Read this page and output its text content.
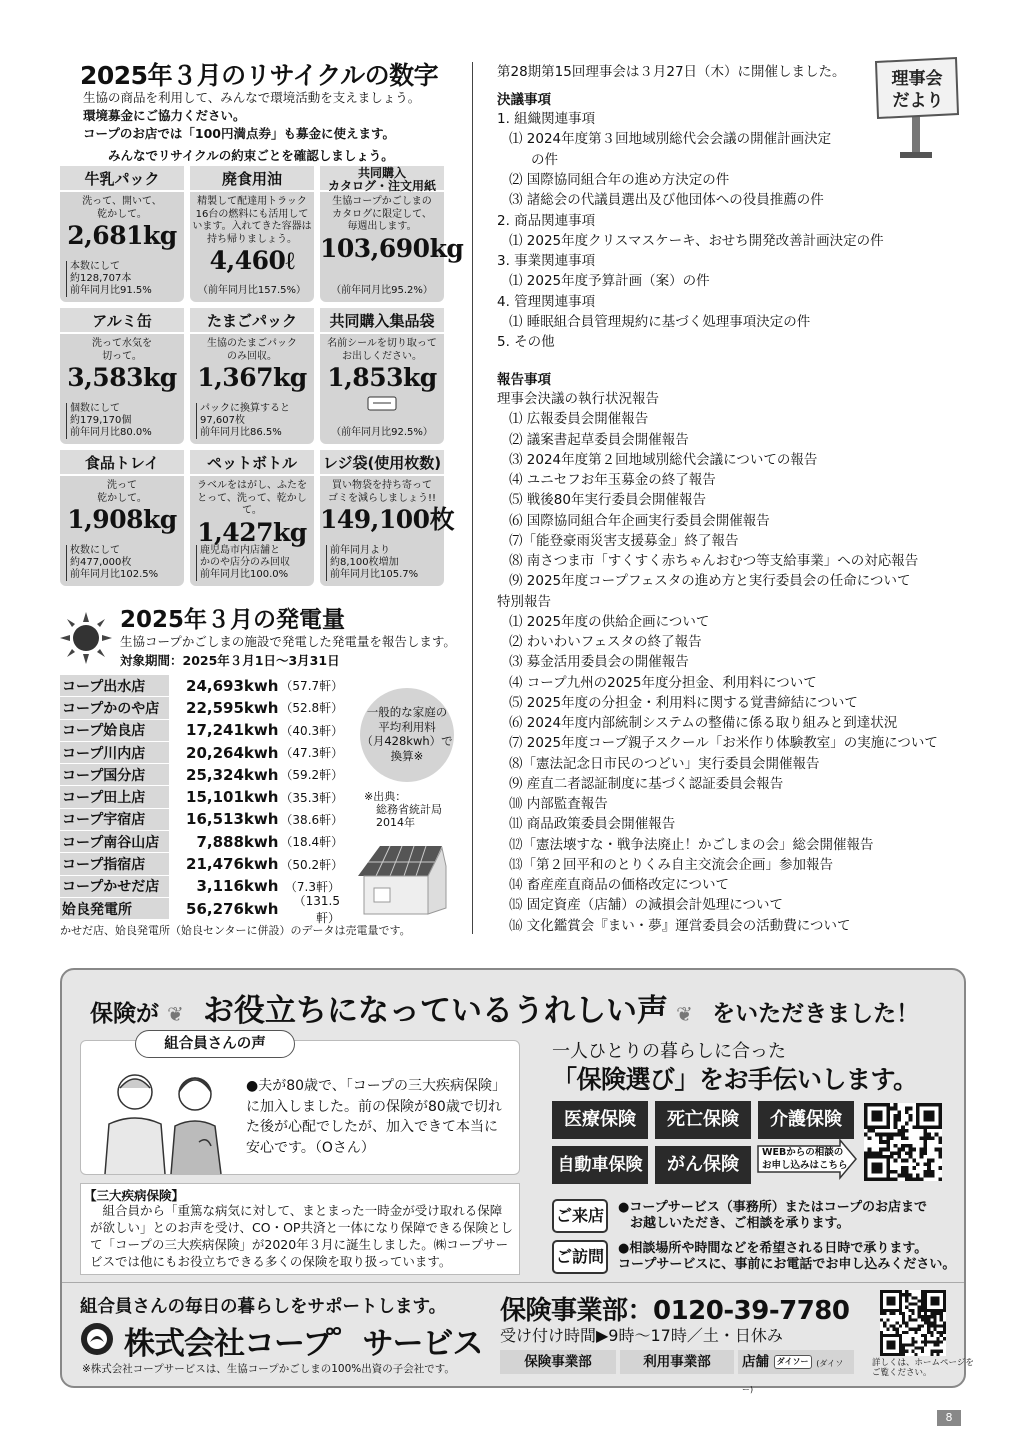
2025年３月のリサイクルの数字
生協の商品を利用して、みんなで環境活動を支えましょう。
環境募金にご協力ください。
コープのお店では「100円満点券」も募金に使えます。
みんなでリサイクルの約束ごとを確認しましょう。
牛乳パック
洗って、開いて、
乾かして。
2,681kg
本数にして
約128,707本
前年同月比91.5%
廃食用油
精製して配達用トラック
16台の燃料にも活用して
います。入れてきた容器は
持ち帰りましょう。
4,460ℓ
（前年同月比157.5%）
共同購入
カタログ・注文用紙
生協コープかごしまの
カタログに限定して、
毎週出します。
103,690kg
（前年同月比95.2%）
アルミ缶
洗って水気を
切って。
3,583kg
個数にして
約179,170個
前年同月比80.0%
たまごパック
生協のたまごパック
のみ回収。
1,367kg
パックに換算すると
97,607枚
前年同月比86.5%
共同購入集品袋
名前シールを切り取って
お出しください。
1,853kg
（前年同月比92.5%）
食品トレイ
洗って
乾かして。
1,908kg
枚数にして
約477,000枚
前年同月比102.5%
ペットボトル
ラベルをはがし、ふたを
とって、洗って、乾かして。
1,427kg
鹿児島市内店舗と
かのや店分のみ回収
前年同月比100.0%
レジ袋(使用枚数)
買い物袋を持ち寄って
ゴミを減らしましょう!!
149,100枚
前年同月より
約8,100枚増加
前年同月比105.7%
2025年３月の発電量
生協コープかごしまの施設で発電した発電量を報告します。
対象期間：2025年３月1日～3月31日
コープ出水店	24,693kwh （57.7軒）
コープかのや店	22,595kwh （52.8軒）
コープ姶良店	17,241kwh （40.3軒）
コープ川内店	20,264kwh （47.3軒）
コープ国分店	25,324kwh （59.2軒）
コープ田上店	15,101kwh （35.3軒）
コープ宇宿店	16,513kwh （38.6軒）
コープ南谷山店	7,888kwh （18.4軒）
コープ指宿店	21,476kwh （50.2軒）
コープかせだ店	3,116kwh （7.3軒）
姶良発電所	56,276kwh	（131.5軒）
一般的な家庭の
平均利用料
（月428kwh）で
換算※
※出典：
総務省統計局
2014年
かせだ店、姶良発電所（姶良センターに併設）のデータは売電量です。
第28期第15回理事会は３月27日（木）に開催しました。	理事会
だより
決議事項
1. 組織関連事項
⑴ 2024年度第３回地域別総代会会議の開催計画決定
の件
⑵ 国際協同組合年の進め方決定の件
⑶ 諸総会の代議員選出及び他団体への役員推薦の件
2. 商品関連事項
⑴ 2025年度クリスマスケーキ、おせち開発改善計画決定の件
3. 事業関連事項
⑴ 2025年度予算計画（案）の件
4. 管理関連事項
⑴ 睡眠組合員管理規約に基づく処理事項決定の件
5. その他
報告事項
理事会決議の執行状況報告
⑴ 広報委員会開催報告
⑵ 議案書起草委員会開催報告
⑶ 2024年度第２回地域別総代会議についての報告
⑷ ユニセフお年玉募金の終了報告
⑸ 戦後80年実行委員会開催報告
⑹ 国際協同組合年企画実行委員会開催報告
⑺「能登豪雨災害支援募金」終了報告
⑻ 南さつま市「すくすく赤ちゃんおむつ等支給事業」への対応報告
⑼ 2025年度コープフェスタの進め方と実行委員会の任命について
特別報告
⑴ 2025年度の供給企画について
⑵ わいわいフェスタの終了報告
⑶ 募金活用委員会の開催報告
⑷ コープ九州の2025年度分担金、利用料について
⑸ 2025年度の分担金・利用料に関する覚書締結について
⑹ 2024年度内部統制システムの整備に係る取り組みと到達状況
⑺ 2025年度コープ親子スクール「お米作り体験教室」の実施について
⑻「憲法記念日市民のつどい」実行委員会開催報告
⑼ 産直二者認証制度に基づく認証委員会報告
⑽ 内部監査報告
⑾ 商品政策委員会開催報告
⑿「憲法壊すな・戦争法廃止！かごしまの会」総会開催報告
⒀「第２回平和のとりくみ自主交流会企画」参加報告
⒁ 畜産産直商品の価格改定について
⒂ 固定資産（店舗）の減損会計処理について
⒃ 文化鑑賞会『まい・夢』運営委員会の活動費について
保険が ❦ お役立ちになっているうれしい声 ❦ をいただきました！
組合員さんの声
●夫が80歳で、「コープの三大疾病保険」に加入しました。前の保険が80歳で切れた後が心配でしたが、加入できて本当に安心です。（Oさん）
【三大疾病保険】
組合員から「重篤な病気に対して、まとまった一時金が受け取れる保障が欲しい」とのお声を受け、CO・OP共済と一体になり保障できる保険として「コープの三大疾病保険」が2020年３月に誕生しました。㈱コープサービスでは他にもお役立ちできる多くの保険を取り扱っています。
一人ひとりの暮らしに合った
「保険選び」をお手伝いします。
医療保険	死亡保険	介護保険
自動車保険	がん保険
WEBからの相談の
お申し込みはこちら
ご来店	●コープサービス（事務所）またはコープのお店まで
お越しいただき、ご相談を承ります。
ご訪問	●相談場所や時間などを希望される日時で承ります。
コープサービスに、事前にお電話でお申し込みください。
組合員さんの毎日の暮らしをサポートします。
株式会社コープ゜サービス
※株式会社コープサービスは、生協コープかごしまの100%出資の子会社です。
保険事業部：0120-39-7780
受け付け時間▶9時～17時／土・日休み
保険事業部	利用事業部	店舗 ダイソー (ダイソー)
詳しくは、ホームページを
ご覧ください。
8
